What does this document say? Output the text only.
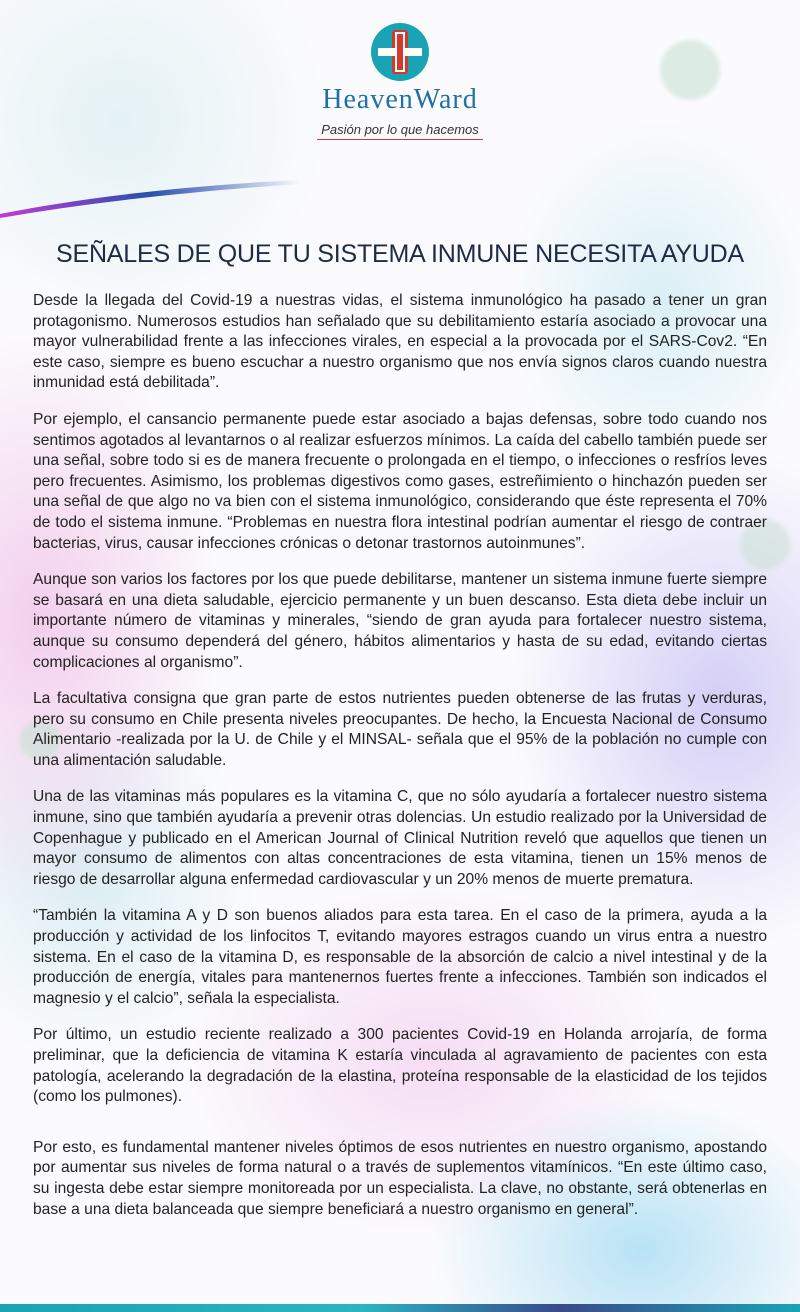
HeavenWard
Pasión por lo que hacemos
SEÑALES DE QUE TU SISTEMA INMUNE NECESITA AYUDA

Desde la llegada del Covid-19 a nuestras vidas, el sistema inmunológico ha pasado a tener un gran protagonismo. Numerosos estudios han señalado que su debilitamiento estaría asociado a provocar una mayor vulnerabilidad frente a las infecciones virales, en especial a la provocada por el SARS-Cov2. “En este caso, siempre es bueno escuchar a nuestro organismo que nos envía signos claros cuando nuestra inmunidad está debilitada”.

Por ejemplo, el cansancio permanente puede estar asociado a bajas defensas, sobre todo cuando nos sentimos agotados al levantarnos o al realizar esfuerzos mínimos. La caída del cabello también puede ser una señal, sobre todo si es de manera frecuente o prolongada en el tiempo, o infecciones o resfríos leves pero frecuentes. Asimismo, los problemas digestivos como gases, estreñimiento o hinchazón pueden ser una señal de que algo no va bien con el sistema inmunológico, considerando que éste representa el 70% de todo el sistema inmune. “Problemas en nuestra flora intestinal podrían aumentar el riesgo de contraer bacterias, virus, causar infecciones crónicas o detonar trastornos autoinmunes”.

Aunque son varios los factores por los que puede debilitarse, mantener un sistema inmune fuerte siempre se basará en una dieta saludable, ejercicio permanente y un buen descanso. Esta dieta debe incluir un importante número de vitaminas y minerales, “siendo de gran ayuda para fortalecer nuestro sistema, aunque su consumo dependerá del género, hábitos alimentarios y hasta de su edad, evitando ciertas complicaciones al organismo”.

La facultativa consigna que gran parte de estos nutrientes pueden obtenerse de las frutas y verduras, pero su consumo en Chile presenta niveles preocupantes. De hecho, la Encuesta Nacional de Consumo Alimentario -realizada por la U. de Chile y el MINSAL- señala que el 95% de la población no cumple con una alimentación saludable.

Una de las vitaminas más populares es la vitamina C, que no sólo ayudaría a fortalecer nuestro sistema inmune, sino que también ayudaría a prevenir otras dolencias. Un estudio realizado por la Universidad de Copenhague y publicado en el American Journal of Clinical Nutrition reveló que aquellos que tienen un mayor consumo de alimentos con altas concentraciones de esta vitamina, tienen un 15% menos de riesgo de desarrollar alguna enfermedad cardiovascular y un 20% menos de muerte prematura.

“También la vitamina A y D son buenos aliados para esta tarea. En el caso de la primera, ayuda a la producción y actividad de los linfocitos T, evitando mayores estragos cuando un virus entra a nuestro sistema. En el caso de la vitamina D, es responsable de la absorción de calcio a nivel intestinal y de la producción de energía, vitales para mantenernos fuertes frente a infecciones. También son indicados el magnesio y el calcio”, señala la especialista.

Por último, un estudio reciente realizado a 300 pacientes Covid-19 en Holanda arrojaría, de forma preliminar, que la deficiencia de vitamina K estaría vinculada al agravamiento de pacientes con esta patología, acelerando la degradación de la elastina, proteína responsable de la elasticidad de los tejidos (como los pulmones).

Por esto, es fundamental mantener niveles óptimos de esos nutrientes en nuestro organismo, apostando por aumentar sus niveles de forma natural o a través de suplementos vitamínicos. “En este último caso, su ingesta debe estar siempre monitoreada por un especialista. La clave, no obstante, será obtenerlas en base a una dieta balanceada que siempre beneficiará a nuestro organismo en general”.
